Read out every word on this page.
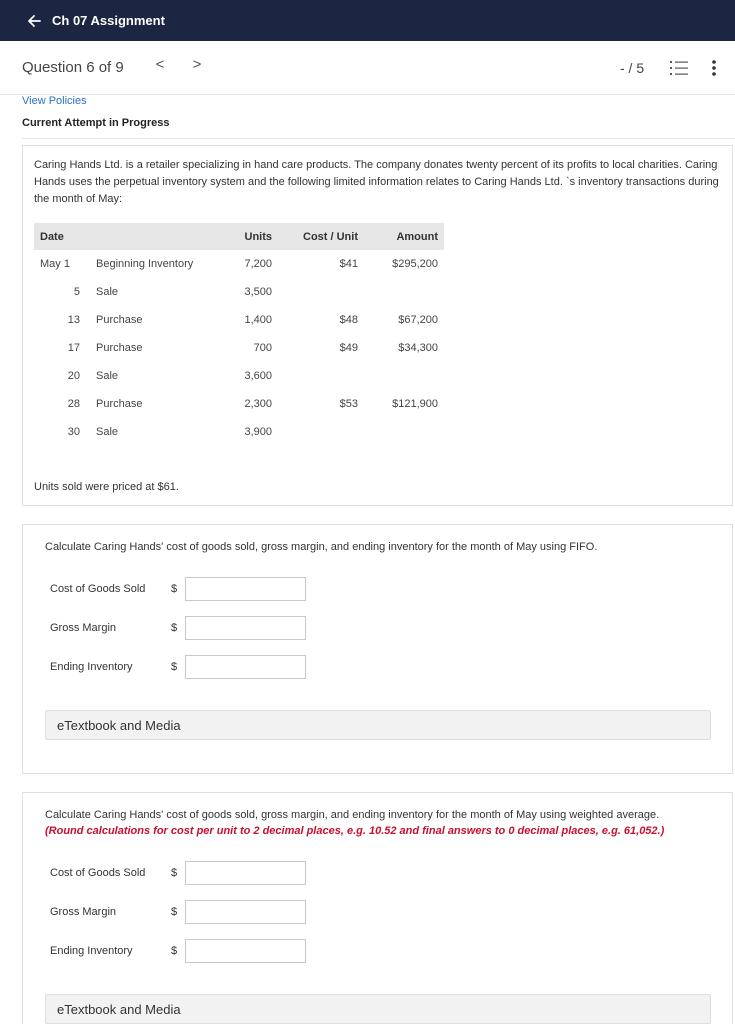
Ch 07 Assignment
Question 6 of 9 < >	- / 5
View Policies
Current Attempt in Progress

Caring Hands Ltd. is a retailer specializing in hand care products. The company donates twenty percent of its profits to local charities. Caring Hands uses the perpetual inventory system and the following limited information relates to Caring Hands Ltd. `s inventory transactions during the month of May:

Date		Units	Cost / Unit	Amount
May 1	Beginning Inventory	7,200	$41	$295,200
5	Sale	3,500		
13	Purchase	1,400	$48	$67,200
17	Purchase	700	$49	$34,300
20	Sale	3,600		
28	Purchase	2,300	$53	$121,900
30	Sale	3,900		

Units sold were priced at $61.

Calculate Caring Hands' cost of goods sold, gross margin, and ending inventory for the month of May using FIFO.

Cost of Goods Sold	$
Gross Margin	$
Ending Inventory	$
eTextbook and Media

Calculate Caring Hands' cost of goods sold, gross margin, and ending inventory for the month of May using weighted average.
(Round calculations for cost per unit to 2 decimal places, e.g. 10.52 and final answers to 0 decimal places, e.g. 61,052.)

Cost of Goods Sold	$
Gross Margin	$
Ending Inventory	$
eTextbook and Media
